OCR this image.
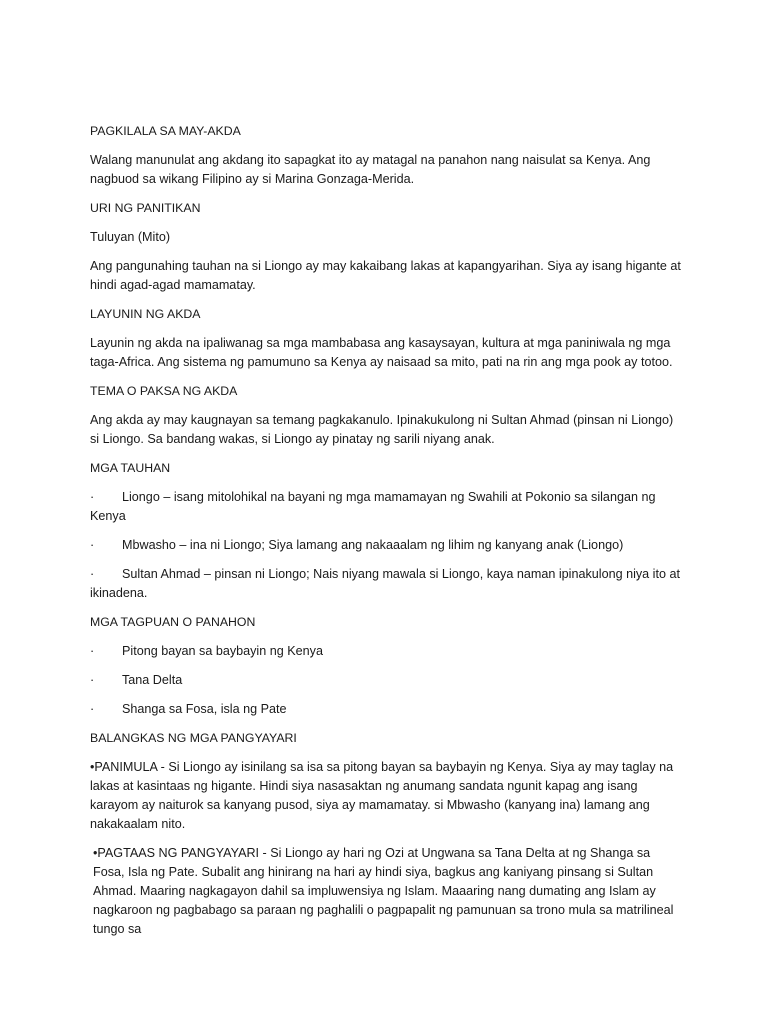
PAGKILALA SA MAY-AKDA

Walang manunulat ang akdang ito sapagkat ito ay matagal na panahon nang naisulat sa Kenya. Ang nagbuod sa wikang Filipino ay si Marina Gonzaga-Merida.

URI NG PANITIKAN

Tuluyan (Mito)

Ang pangunahing tauhan na si Liongo ay may kakaibang lakas at kapangyarihan. Siya ay isang higante at hindi agad-agad mamamatay.

LAYUNIN NG AKDA

Layunin ng akda na ipaliwanag sa mga mambabasa ang kasaysayan, kultura at mga paniniwala ng mga taga-Africa. Ang sistema ng pamumuno sa Kenya ay naisaad sa mito, pati na rin ang mga pook ay totoo.

TEMA O PAKSA NG AKDA

Ang akda ay may kaugnayan sa temang pagkakanulo. Ipinakukulong ni Sultan Ahmad (pinsan ni Liongo) si Liongo. Sa bandang wakas, si Liongo ay pinatay ng sarili niyang anak.

MGA TAUHAN

· Liongo – isang mitolohikal na bayani ng mga mamamayan ng Swahili at Pokonio sa silangan ng Kenya

· Mbwasho – ina ni Liongo; Siya lamang ang nakaaalam ng lihim ng kanyang anak (Liongo)

· Sultan Ahmad – pinsan ni Liongo; Nais niyang mawala si Liongo, kaya naman ipinakulong niya ito at ikinadena.

MGA TAGPUAN O PANAHON

· Pitong bayan sa baybayin ng Kenya

· Tana Delta

· Shanga sa Fosa, isla ng Pate

BALANGKAS NG MGA PANGYAYARI

•PANIMULA - Si Liongo ay isinilang sa isa sa pitong bayan sa baybayin ng Kenya. Siya ay may taglay na lakas at kasintaas ng higante. Hindi siya nasasaktan ng anumang sandata ngunit kapag ang isang karayom ay naiturok sa kanyang pusod, siya ay mamamatay. si Mbwasho (kanyang ina) lamang ang nakakaalam nito.

•PAGTAAS NG PANGYAYARI - Si Liongo ay hari ng Ozi at Ungwana sa Tana Delta at ng Shanga sa Fosa, Isla ng Pate. Subalit ang hinirang na hari ay hindi siya, bagkus ang kaniyang pinsang si Sultan Ahmad. Maaring nagkagayon dahil sa impluwensiya ng Islam. Maaaring nang dumating ang Islam ay nagkaroon ng pagbabago sa paraan ng paghalili o pagpapalit ng pamunuan sa trono mula sa matrilineal tungo sa
